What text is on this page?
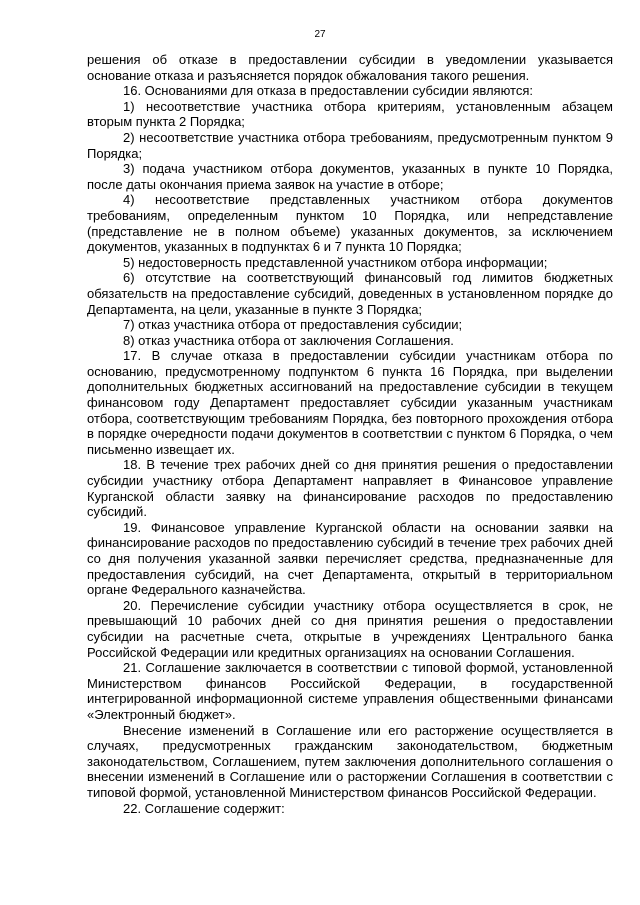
27

решения об отказе в предоставлении субсидии в уведомлении указывается основание отказа и разъясняется порядок обжалования такого решения.

16. Основаниями для отказа в предоставлении субсидии являются:

1) несоответствие участника отбора критериям, установленным абзацем вторым пункта 2 Порядка;

2) несоответствие участника отбора требованиям, предусмотренным пунктом 9 Порядка;

3) подача участником отбора документов, указанных в пункте 10 Порядка, после даты окончания приема заявок на участие в отборе;

4) несоответствие представленных участником отбора документов требованиям, определенным пунктом 10 Порядка, или непредставление (представление не в полном объеме) указанных документов, за исключением документов, указанных в подпунктах 6 и 7 пункта 10 Порядка;

5) недостоверность представленной участником отбора информации;

6) отсутствие на соответствующий финансовый год лимитов бюджетных обязательств на предоставление субсидий, доведенных в установленном порядке до Департамента, на цели, указанные в пункте 3 Порядка;

7) отказ участника отбора от предоставления субсидии;

8) отказ участника отбора от заключения Соглашения.

17. В случае отказа в предоставлении субсидии участникам отбора по основанию, предусмотренному подпунктом 6 пункта 16 Порядка, при выделении дополнительных бюджетных ассигнований на предоставление субсидии в текущем финансовом году Департамент предоставляет субсидии указанным участникам отбора, соответствующим требованиям Порядка, без повторного прохождения отбора в порядке очередности подачи документов в соответствии с пунктом 6 Порядка, о чем письменно извещает их.

18. В течение трех рабочих дней со дня принятия решения о предоставлении субсидии участнику отбора Департамент направляет в Финансовое управление Курганской области заявку на финансирование расходов по предоставлению субсидий.

19. Финансовое управление Курганской области на основании заявки на финансирование расходов по предоставлению субсидий в течение трех рабочих дней со дня получения указанной заявки перечисляет средства, предназначенные для предоставления субсидий, на счет Департамента, открытый в территориальном органе Федерального казначейства.

20. Перечисление субсидии участнику отбора осуществляется в срок, не превышающий 10 рабочих дней со дня принятия решения о предоставлении субсидии на расчетные счета, открытые в учреждениях Центрального банка Российской Федерации или кредитных организациях на основании Соглашения.

21. Соглашение заключается в соответствии с типовой формой, установленной Министерством финансов Российской Федерации, в государственной интегрированной информационной системе управления общественными финансами «Электронный бюджет».

Внесение изменений в Соглашение или его расторжение осуществляется в случаях, предусмотренных гражданским законодательством, бюджетным законодательством, Соглашением, путем заключения дополнительного соглашения о внесении изменений в Соглашение или о расторжении Соглашения в соответствии с типовой формой, установленной Министерством финансов Российской Федерации.

22. Соглашение содержит:
